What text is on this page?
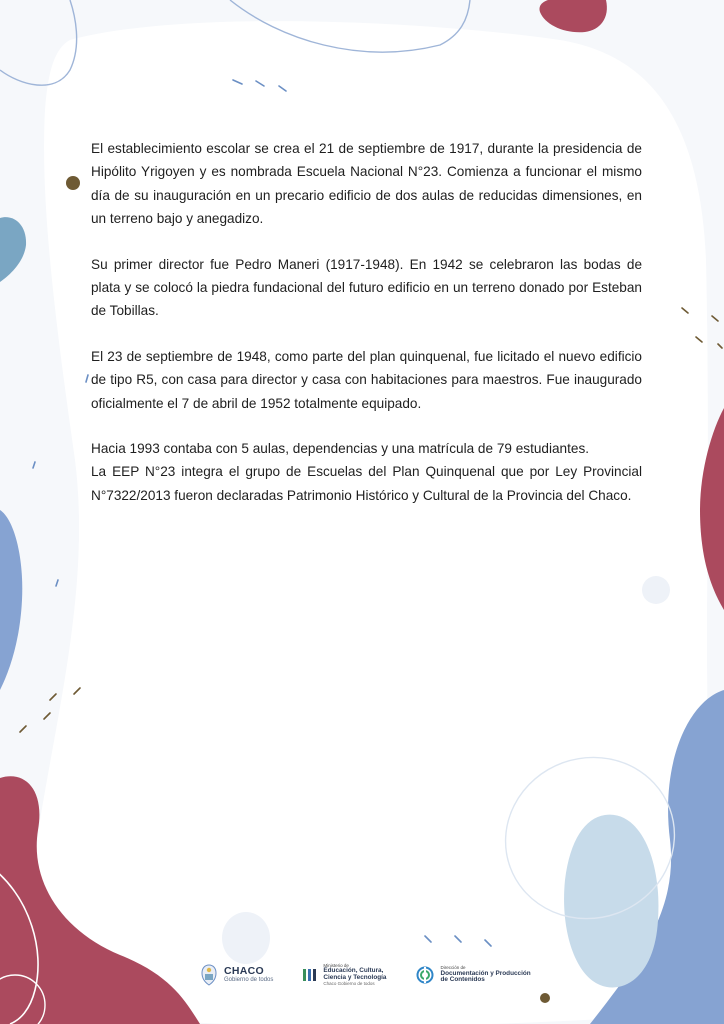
El establecimiento escolar se crea el 21 de septiembre de 1917, durante la presidencia de Hipólito Yrigoyen y es nombrada Escuela Nacional N°23. Comienza a funcionar el mismo día de su inauguración en un precario edificio de dos aulas de reducidas dimensiones, en un terreno bajo y anegadizo.

Su primer director fue Pedro Maneri (1917-1948). En 1942 se celebraron las bodas de plata y se colocó la piedra fundacional del futuro edificio en un terreno donado por Esteban de Tobillas.

El 23 de septiembre de 1948, como parte del plan quinquenal, fue licitado el nuevo edificio de tipo R5, con casa para director y casa con habitaciones para maestros. Fue inaugurado oficialmente el 7 de abril de 1952 totalmente equipado.

Hacia 1993 contaba con 5 aulas, dependencias y una matrícula de 79 estudiantes.

La EEP N°23 integra el grupo de Escuelas del Plan Quinquenal que por Ley Provincial N°7322/2013 fueron declaradas Patrimonio Histórico y Cultural de la Provincia del Chaco.

CHACO
Gobierno de todos
Ministerio de
Educación, Cultura,
Ciencia y Tecnología
Chaco Gobierno de todos
Dirección de
Documentación y Producción
de Contenidos
